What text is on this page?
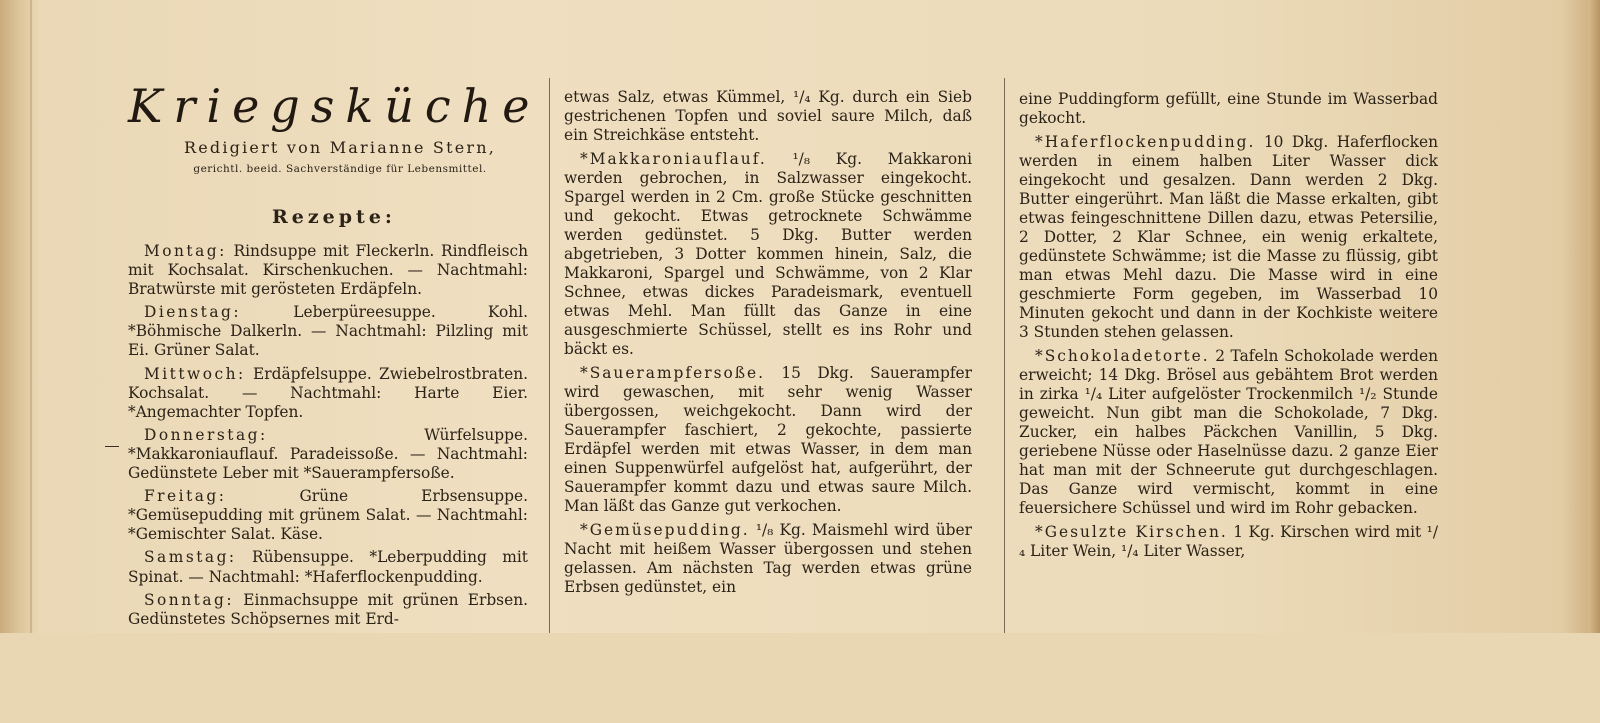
Kriegsküche
Redigiert von Marianne Stern,
gerichtl. beeid. Sachverständige für Lebensmittel.
Rezepte:

Montag: Rindsuppe mit Fleckerln. Rindfleisch mit Kochsalat. Kirschenkuchen. — Nachtmahl: Bratwürste mit gerösteten Erdäpfeln.

Dienstag: Leberpüreesuppe. Kohl. *Böhmische Dalkerln. — Nachtmahl: Pilzling mit Ei. Grüner Salat.

Mittwoch: Erdäpfelsuppe. Zwiebelrostbraten. Kochsalat. — Nachtmahl: Harte Eier. *Angemachter Topfen.

Donnerstag: Würfelsuppe. *Makkaroniauflauf. Paradeissoße. — Nachtmahl: Gedünstete Leber mit *Sauerampfersoße.

Freitag: Grüne Erbsensuppe. *Gemüsepudding mit grünem Salat. — Nachtmahl: *Gemischter Salat. Käse.

Samstag: Rübensuppe. *Leberpudding mit Spinat. — Nachtmahl: *Haferflockenpudding.

Sonntag: Einmachsuppe mit grünen Erbsen. Gedünstetes Schöpsernes mit Erd-

etwas Salz, etwas Kümmel, ¹/₄ Kg. durch ein Sieb gestrichenen Topfen und soviel saure Milch, daß ein Streichkäse entsteht.

*Makkaroniauflauf. ¹/₈ Kg. Makkaroni werden gebrochen, in Salzwasser eingekocht. Spargel werden in 2 Cm. große Stücke geschnitten und gekocht. Etwas getrocknete Schwämme werden gedünstet. 5 Dkg. Butter werden abgetrieben, 3 Dotter kommen hinein, Salz, die Makkaroni, Spargel und Schwämme, von 2 Klar Schnee, etwas dickes Paradeismark, eventuell etwas Mehl. Man füllt das Ganze in eine ausgeschmierte Schüssel, stellt es ins Rohr und bäckt es.

*Sauerampfersoße. 15 Dkg. Sauerampfer wird gewaschen, mit sehr wenig Wasser übergossen, weichgekocht. Dann wird der Sauerampfer faschiert, 2 gekochte, passierte Erdäpfel werden mit etwas Wasser, in dem man einen Suppenwürfel aufgelöst hat, aufgerührt, der Sauerampfer kommt dazu und etwas saure Milch. Man läßt das Ganze gut verkochen.

*Gemüsepudding. ¹/₈ Kg. Maismehl wird über Nacht mit heißem Wasser übergossen und stehen gelassen. Am nächsten Tag werden etwas grüne Erbsen gedünstet, ein

eine Puddingform gefüllt, eine Stunde im Wasserbad gekocht.

*Haferflockenpudding. 10 Dkg. Haferflocken werden in einem halben Liter Wasser dick eingekocht und gesalzen. Dann werden 2 Dkg. Butter eingerührt. Man läßt die Masse erkalten, gibt etwas feingeschnittene Dillen dazu, etwas Petersilie, 2 Dotter, 2 Klar Schnee, ein wenig erkaltete, gedünstete Schwämme; ist die Masse zu flüssig, gibt man etwas Mehl dazu. Die Masse wird in eine geschmierte Form gegeben, im Wasserbad 10 Minuten gekocht und dann in der Kochkiste weitere 3 Stunden stehen gelassen.

*Schokoladetorte. 2 Tafeln Schokolade werden erweicht; 14 Dkg. Brösel aus gebähtem Brot werden in zirka ¹/₄ Liter aufgelöster Trockenmilch ¹/₂ Stunde geweicht. Nun gibt man die Schokolade, 7 Dkg. Zucker, ein halbes Päckchen Vanillin, 5 Dkg. geriebene Nüsse oder Haselnüsse dazu. 2 ganze Eier hat man mit der Schneerute gut durchgeschlagen. Das Ganze wird vermischt, kommt in eine feuersichere Schüssel und wird im Rohr gebacken.

*Gesulzte Kirschen. 1 Kg. Kirschen wird mit ¹/₄ Liter Wein, ¹/₄ Liter Wasser,
